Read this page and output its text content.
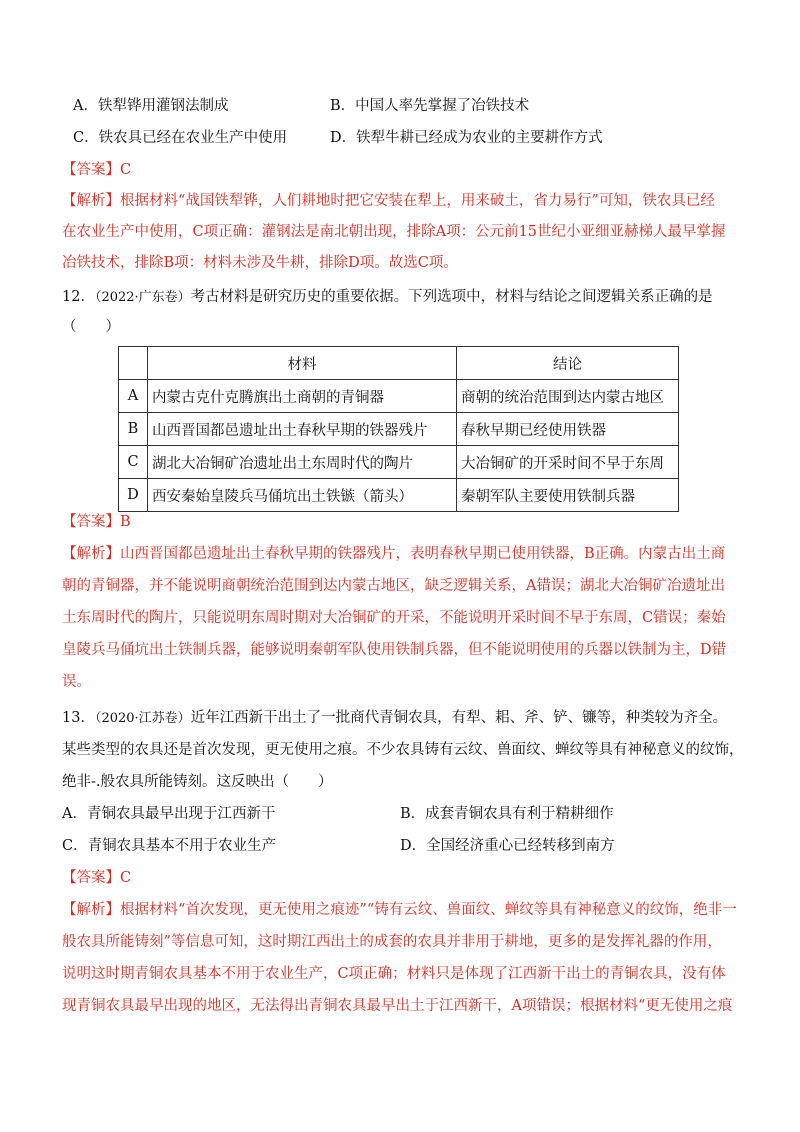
A．铁犁铧用灌钢法制成	B．中国人率先掌握了冶铁技术
C．铁农具已经在农业生产中使用	D．铁犁牛耕已经成为农业的主要耕作方式
【答案】C
【解析】根据材料“战国铁犁铧，人们耕地时把它安装在犁上，用来破土，省力易行”可知，铁农具已经
在农业生产中使用，C项正确：灌钢法是南北朝出现，排除A项：公元前15世纪小亚细亚赫梯人最早掌握
冶铁技术，排除B项：材料未涉及牛耕，排除D项。故选C项。
12．（2022·广东卷）考古材料是研究历史的重要依据。下列选项中，材料与结论之间逻辑关系正确的是
（　　）
	材料	结论
A	内蒙古克什克腾旗出土商朝的青铜器	商朝的统治范围到达内蒙古地区
B	山西晋国都邑遗址出土春秋早期的铁器残片	春秋早期已经使用铁器
C	湖北大冶铜矿冶遗址出土东周时代的陶片	大冶铜矿的开采时间不早于东周
D	西安秦始皇陵兵马俑坑出土铁镞（箭头）	秦朝军队主要使用铁制兵器
【答案】B
【解析】山西晋国都邑遗址出土春秋早期的铁器残片，表明春秋早期已使用铁器，B正确。内蒙古出土商
朝的青铜器，并不能说明商朝统治范围到达内蒙古地区，缺乏逻辑关系，A错误；湖北大冶铜矿冶遗址出
土东周时代的陶片，只能说明东周时期对大冶铜矿的开采，不能说明开采时间不早于东周，C错误；秦始
皇陵兵马俑坑出土铁制兵器，能够说明秦朝军队使用铁制兵器，但不能说明使用的兵器以铁制为主，D错
误。
13．（2020·江苏卷）近年江西新干出土了一批商代青铜农具，有犁、耜、斧、铲、镰等，种类较为齐全。
某些类型的农具还是首次发现，更无使用之痕。不少农具铸有云纹、兽面纹、蝉纹等具有神秘意义的纹饰，
绝非-.般农具所能铸刻。这反映出（　　）
A．青铜农具最早出现于江西新干	B．成套青铜农具有利于精耕细作
C．青铜农具基本不用于农业生产	D．全国经济重心已经转移到南方
【答案】C
【解析】根据材料“首次发现，更无使用之痕迹”“铸有云纹、兽面纹、蝉纹等具有神秘意义的纹饰，绝非一
般农具所能铸刻”等信息可知，这时期江西出土的成套的农具并非用于耕地，更多的是发挥礼器的作用，
说明这时期青铜农具基本不用于农业生产，C项正确；材料只是体现了江西新干出土的青铜农具，没有体
现青铜农具最早出现的地区，无法得出青铜农具最早出土于江西新干，A项错误；根据材料“更无使用之痕
